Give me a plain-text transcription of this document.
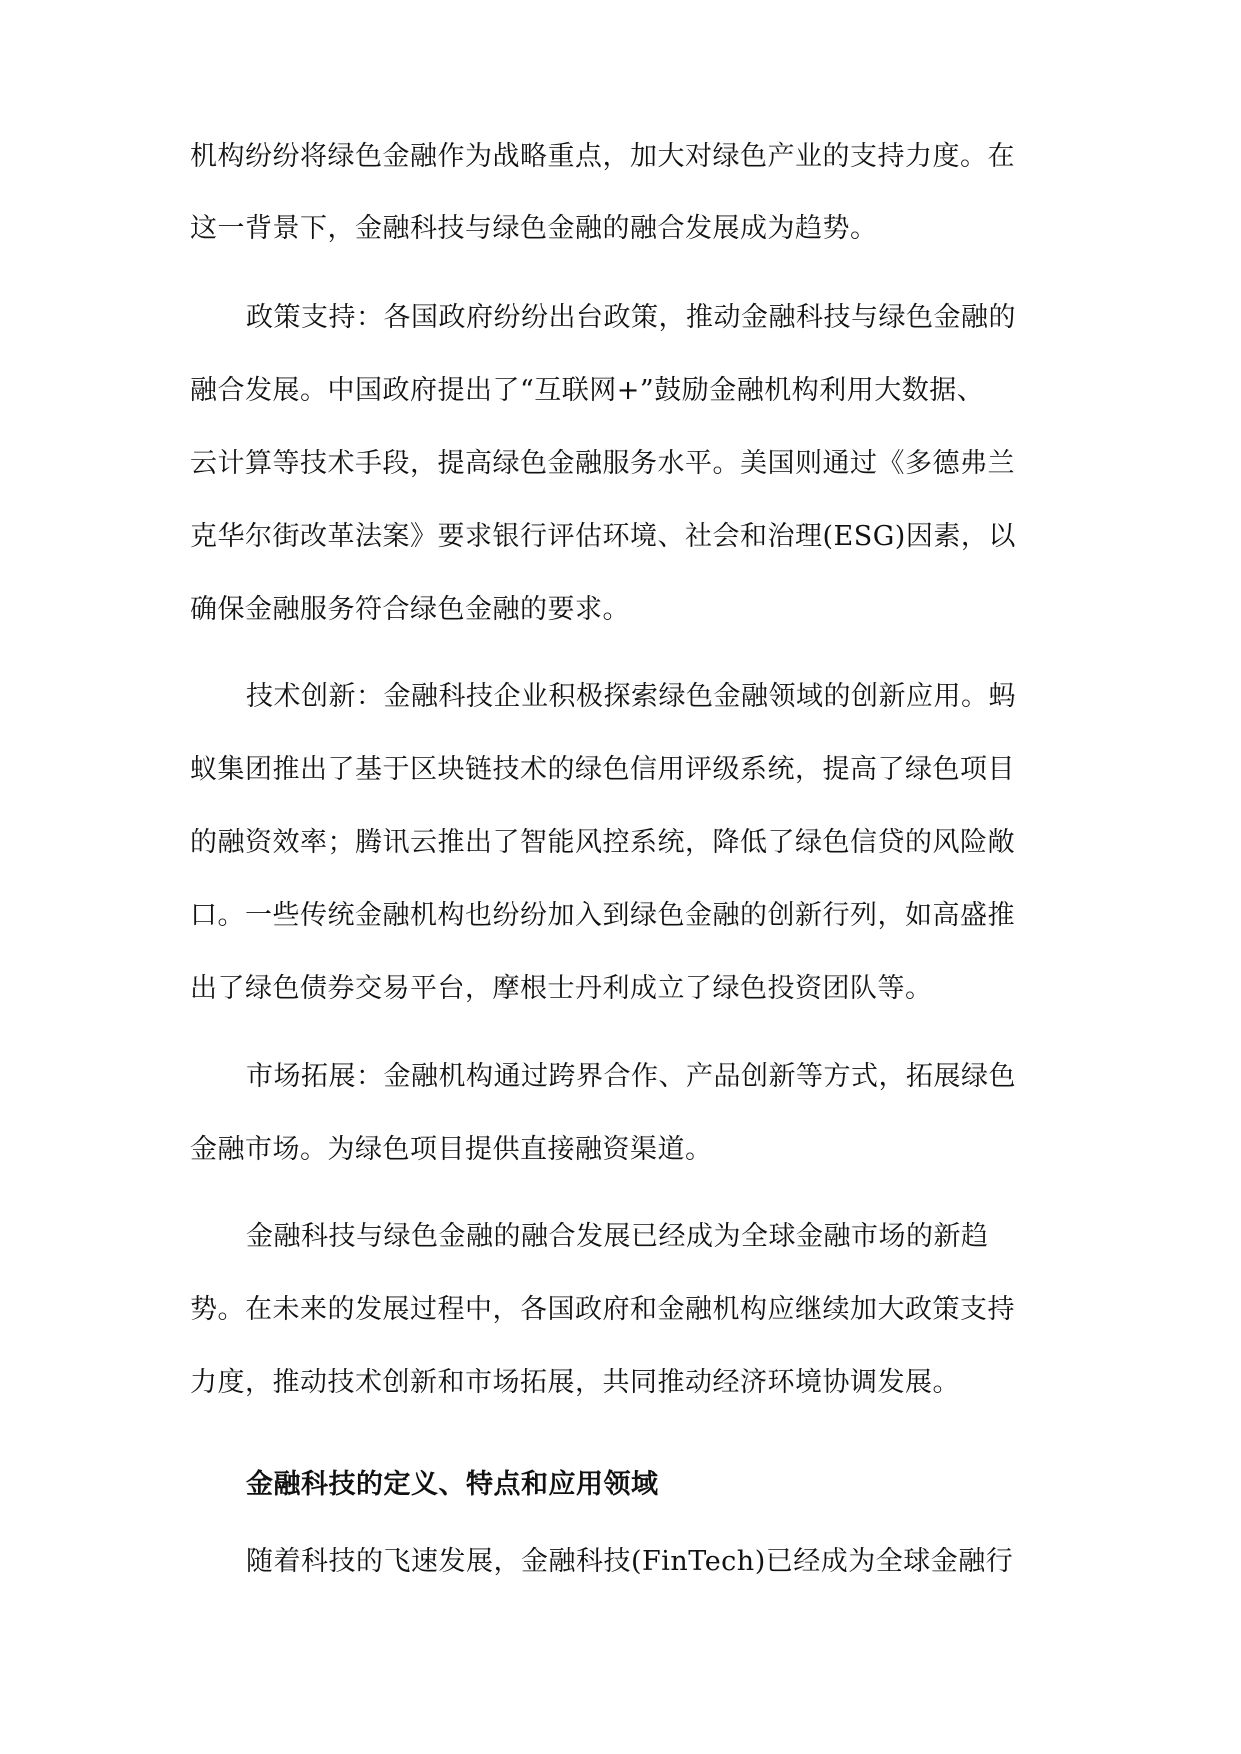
机构纷纷将绿色金融作为战略重点，加大对绿色产业的支持力度。在
这一背景下，金融科技与绿色金融的融合发展成为趋势。
政策支持：各国政府纷纷出台政策，推动金融科技与绿色金融的
融合发展。中国政府提出了“互联网+”鼓励金融机构利用大数据、
云计算等技术手段，提高绿色金融服务水平。美国则通过《多德弗兰
克华尔街改革法案》要求银行评估环境、社会和治理(ESG)因素，以
确保金融服务符合绿色金融的要求。
技术创新：金融科技企业积极探索绿色金融领域的创新应用。蚂
蚁集团推出了基于区块链技术的绿色信用评级系统，提高了绿色项目
的融资效率；腾讯云推出了智能风控系统，降低了绿色信贷的风险敞
口。一些传统金融机构也纷纷加入到绿色金融的创新行列，如高盛推
出了绿色债券交易平台，摩根士丹利成立了绿色投资团队等。
市场拓展：金融机构通过跨界合作、产品创新等方式，拓展绿色
金融市场。为绿色项目提供直接融资渠道。
金融科技与绿色金融的融合发展已经成为全球金融市场的新趋
势。在未来的发展过程中，各国政府和金融机构应继续加大政策支持
力度，推动技术创新和市场拓展，共同推动经济环境协调发展。
金融科技的定义、特点和应用领域
随着科技的飞速发展，金融科技(FinTech)已经成为全球金融行
